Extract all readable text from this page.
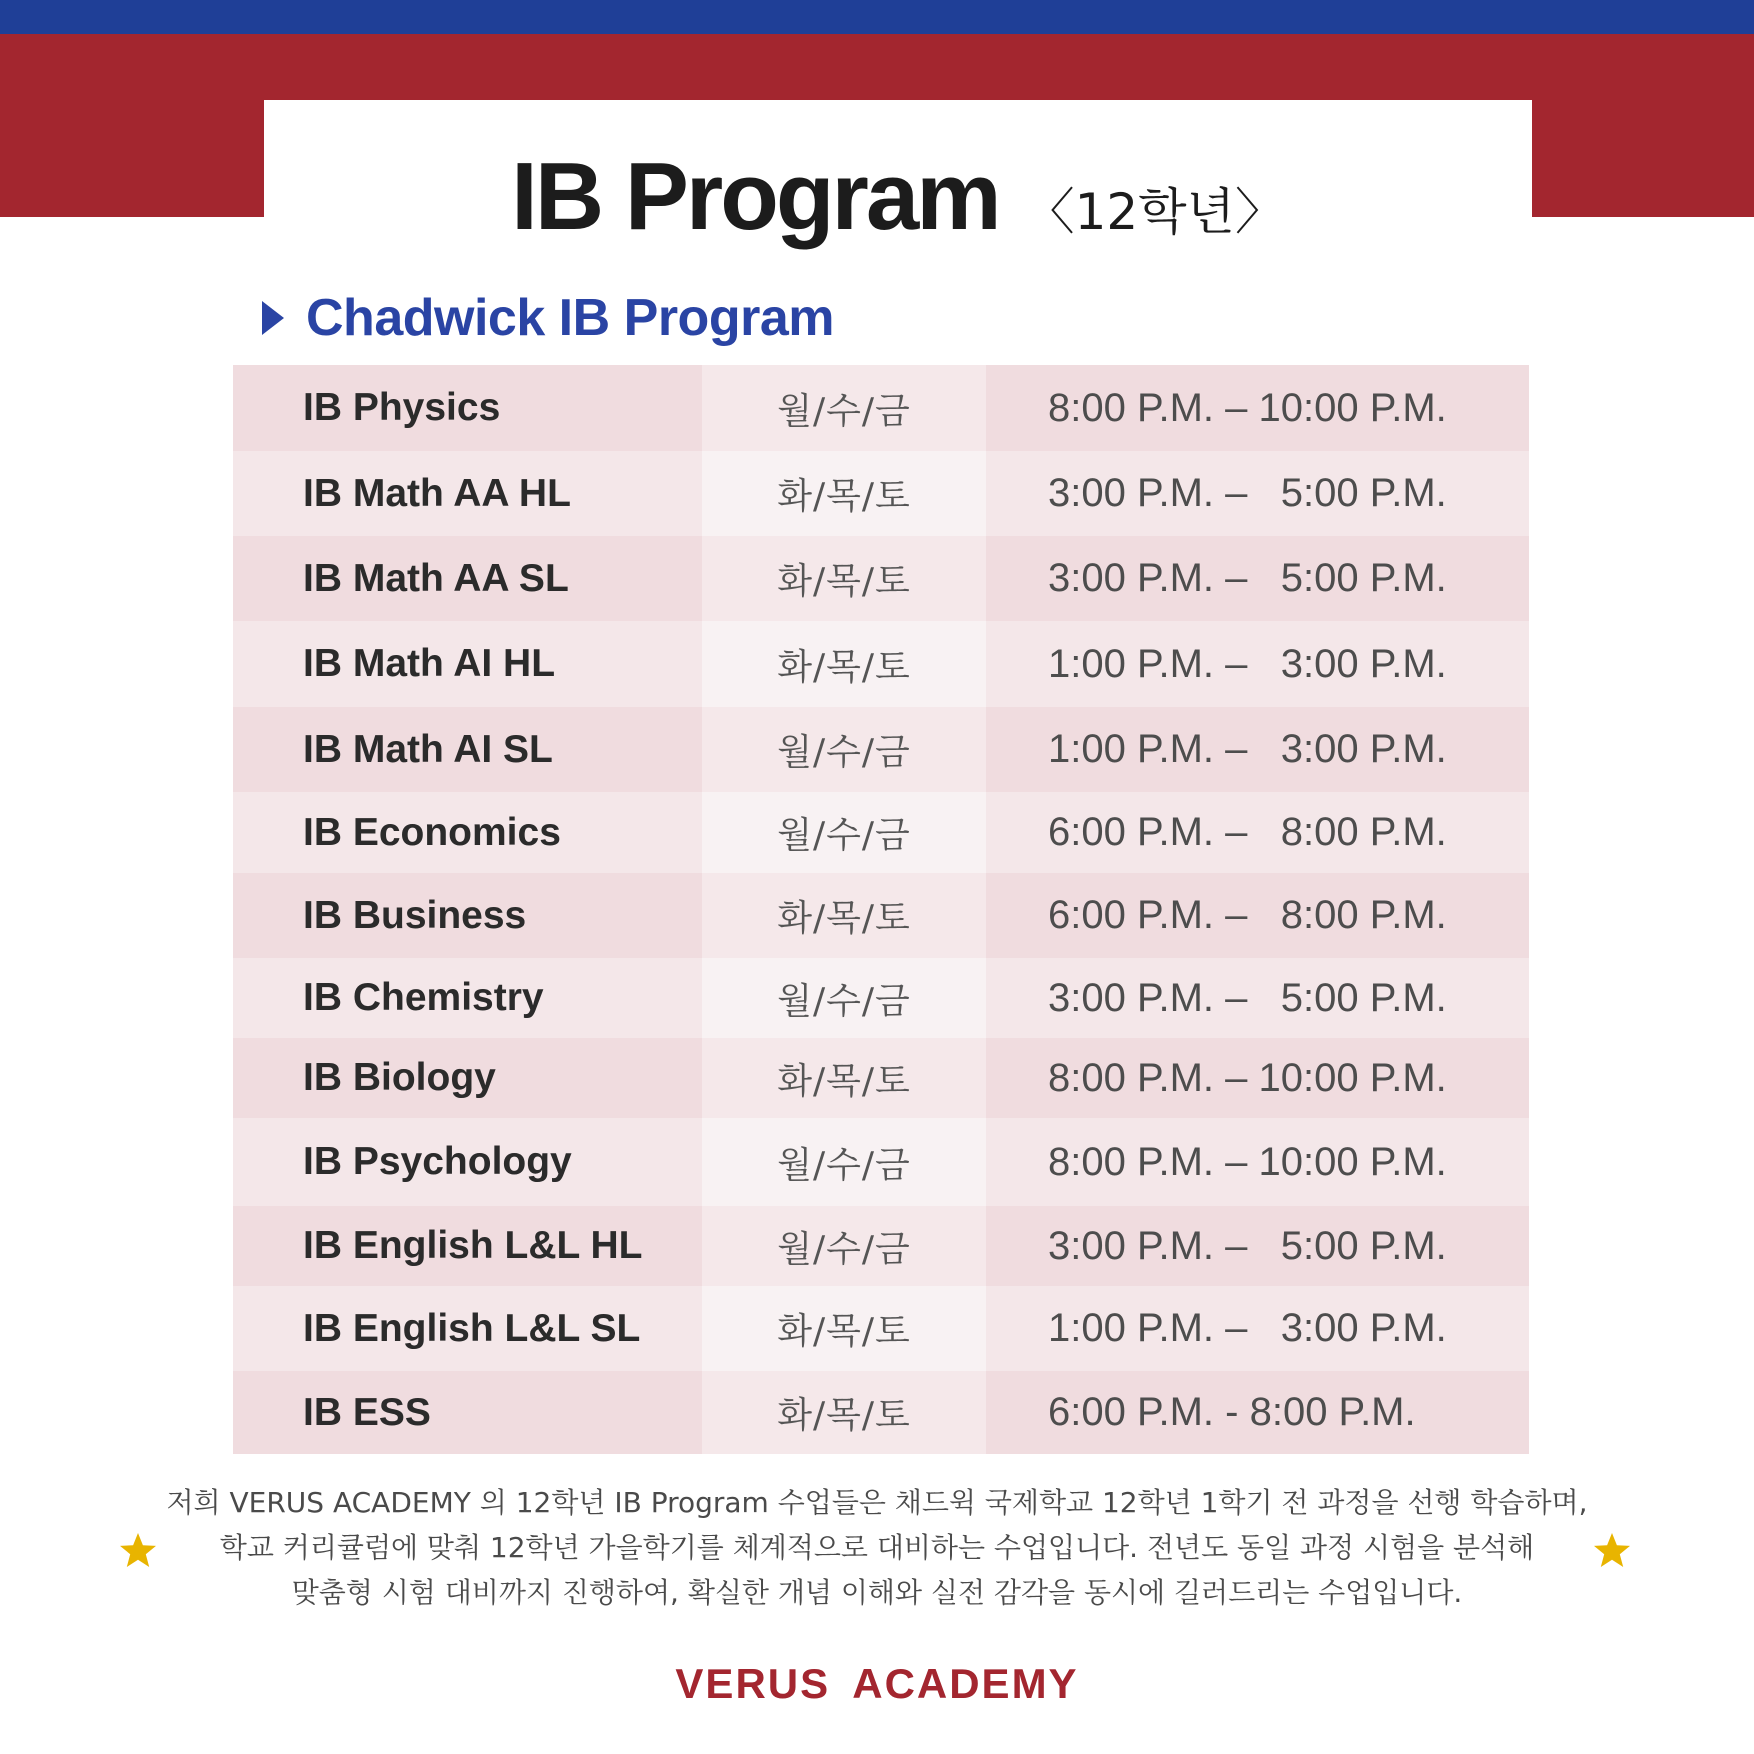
IB Program 〈12학년〉
Chadwick IB Program
IB Physics	월/수/금	8:00 P.M. – 10:00 P.M.
IB Math AA HL	화/목/토	3:00 P.M. –   5:00 P.M.
IB Math AA SL	화/목/토	3:00 P.M. –   5:00 P.M.
IB Math AI HL	화/목/토	1:00 P.M. –   3:00 P.M.
IB Math AI SL	월/수/금	1:00 P.M. –   3:00 P.M.
IB Economics	월/수/금	6:00 P.M. –   8:00 P.M.
IB Business	화/목/토	6:00 P.M. –   8:00 P.M.
IB Chemistry	월/수/금	3:00 P.M. –   5:00 P.M.
IB Biology	화/목/토	8:00 P.M. – 10:00 P.M.
IB Psychology	월/수/금	8:00 P.M. – 10:00 P.M.
IB English L&L HL	월/수/금	3:00 P.M. –   5:00 P.M.
IB English L&L SL	화/목/토	1:00 P.M. –   3:00 P.M.
IB ESS	화/목/토	6:00 P.M. - 8:00 P.M.
저희 VERUS ACADEMY 의 12학년 IB Program 수업들은 채드윅 국제학교 12학년 1학기 전 과정을 선행 학습하며,
학교 커리큘럼에 맞춰 12학년 가을학기를 체계적으로 대비하는 수업입니다. 전년도 동일 과정 시험을 분석해
맞춤형 시험 대비까지 진행하여, 확실한 개념 이해와 실전 감각을 동시에 길러드리는 수업입니다.
VERUS ACADEMY
